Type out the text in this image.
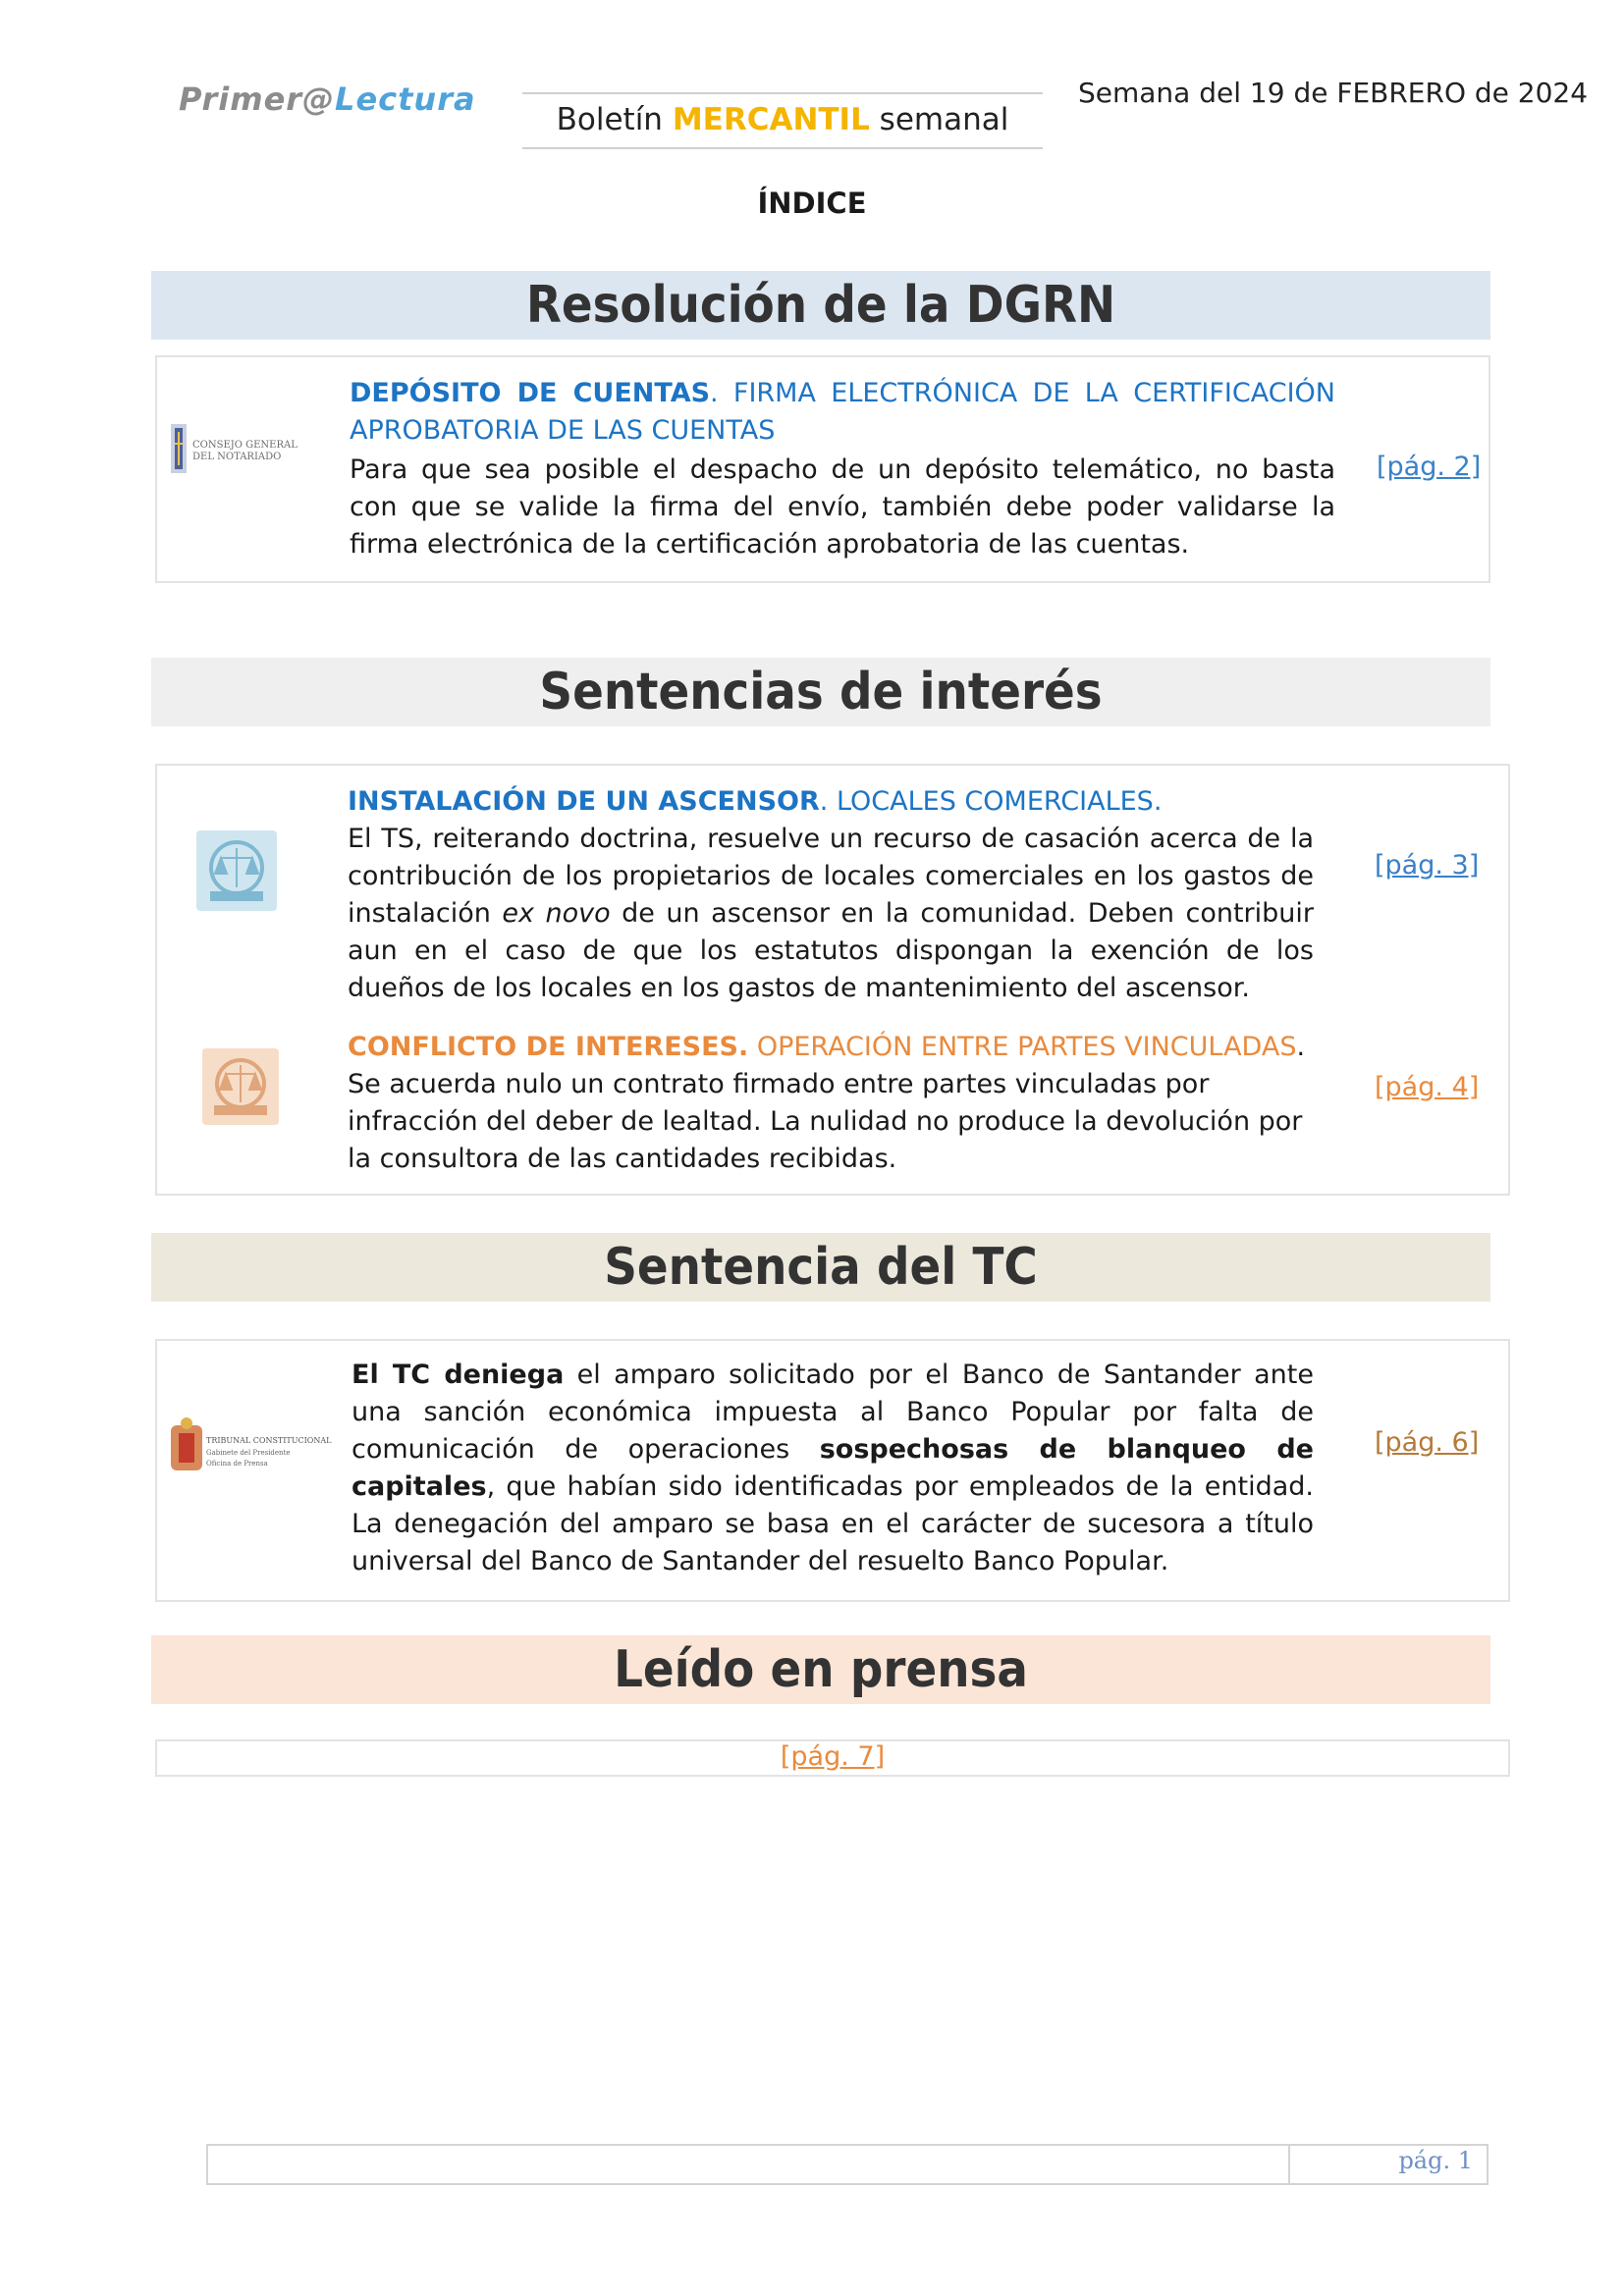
Primer@Lectura
Boletín MERCANTIL semanal
Semana del 19 de FEBRERO de 2024
ÍNDICE
Resolución de la DGRN
CONSEJO GENERAL
DEL NOTARIADO
DEPÓSITO DE CUENTAS. FIRMA ELECTRÓNICA DE LA CERTIFICACIÓN APROBATORIA DE LAS CUENTAS
Para que sea posible el despacho de un depósito telemático, no basta con que se valide la firma del envío, también debe poder validarse la firma electrónica de la certificación aprobatoria de las cuentas.
[pág. 2]
Sentencias de interés
INSTALACIÓN DE UN ASCENSOR. LOCALES COMERCIALES.
El TS, reiterando doctrina, resuelve un recurso de casación acerca de la contribución de los propietarios de locales comerciales en los gastos de instalación ex novo de un ascensor en la comunidad. Deben contribuir aun en el caso de que los estatutos dispongan la exención de los dueños de los locales en los gastos de mantenimiento del ascensor.
[pág. 3]
CONFLICTO DE INTERESES. OPERACIÓN ENTRE PARTES VINCULADAS.
Se acuerda nulo un contrato firmado entre partes vinculadas por infracción del deber de lealtad. La nulidad no produce la devolución por la consultora de las cantidades recibidas.
[pág. 4]
Sentencia del TC
TRIBUNAL CONSTITUCIONAL
Gabinete del Presidente
Oficina de Prensa
El TC deniega el amparo solicitado por el Banco de Santander ante una sanción económica impuesta al Banco Popular por falta de comunicación de operaciones sospechosas de blanqueo de capitales, que habían sido identificadas por empleados de la entidad. La denegación del amparo se basa en el carácter de sucesora a título universal del Banco de Santander del resuelto Banco Popular.
[pág. 6]
Leído en prensa
[pág. 7]
pág. 1
